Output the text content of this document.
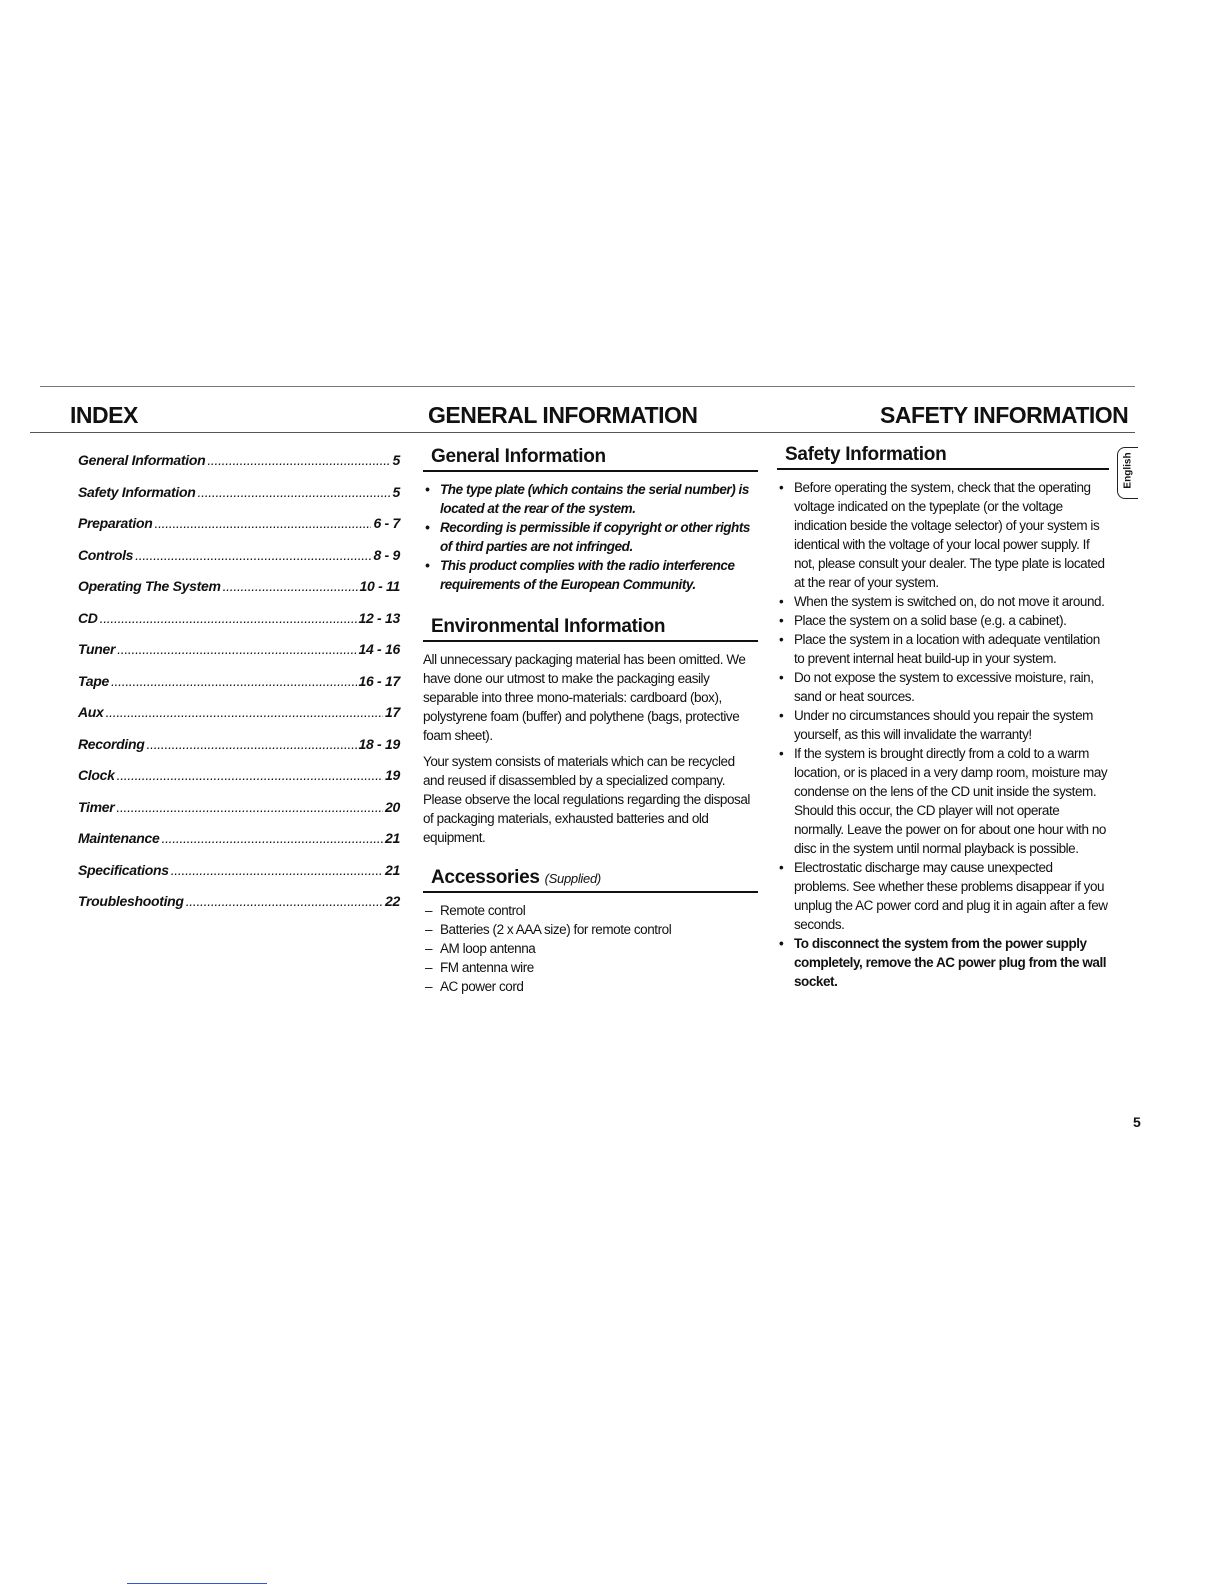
INDEX	GENERAL INFORMATION	SAFETY INFORMATION
General Information .....	5
Safety Information .....	5
Preparation .....	6 - 7
Controls .....	8 - 9
Operating The System .....	10 - 11
CD .....	12 - 13
Tuner .....	14 - 16
Tape .....	16 - 17
Aux .....	17
Recording .....	18 - 19
Clock .....	19
Timer .....	20
Maintenance .....	21
Specifications .....	21
Troubleshooting .....	22
General Information
• The type plate (which contains the serial number) is located at the rear of the system.
• Recording is permissible if copyright or other rights of third parties are not infringed.
• This product complies with the radio interference requirements of the European Community.
Environmental Information

All unnecessary packaging material has been omitted. We have done our utmost to make the packaging easily separable into three mono-materials: cardboard (box), polystyrene foam (buffer) and polythene (bags, protective foam sheet).

Your system consists of materials which can be recycled and reused if disassembled by a specialized company. Please observe the local regulations regarding the disposal of packaging materials, exhausted batteries and old equipment.

Accessories (Supplied)
– Remote control
– Batteries (2 x AAA size) for remote control
– AM loop antenna
– FM antenna wire
– AC power cord
Safety Information
• Before operating the system, check that the operating voltage indicated on the typeplate (or the voltage indication beside the voltage selector) of your system is identical with the voltage of your local power supply. If not, please consult your dealer. The type plate is located at the rear of your system.
• When the system is switched on, do not move it around.
• Place the system on a solid base (e.g. a cabinet).
• Place the system in a location with adequate ventilation to prevent internal heat build-up in your system.
• Do not expose the system to excessive moisture, rain, sand or heat sources.
• Under no circumstances should you repair the system yourself, as this will invalidate the warranty!
• If the system is brought directly from a cold to a warm location, or is placed in a very damp room, moisture may condense on the lens of the CD unit inside the system. Should this occur, the CD player will not operate normally. Leave the power on for about one hour with no disc in the system until normal playback is possible.
• Electrostatic discharge may cause unexpected problems. See whether these problems disappear if you unplug the AC power cord and plug it in again after a few seconds.
• To disconnect the system from the power supply completely, remove the AC power plug from the wall socket.
English
5
